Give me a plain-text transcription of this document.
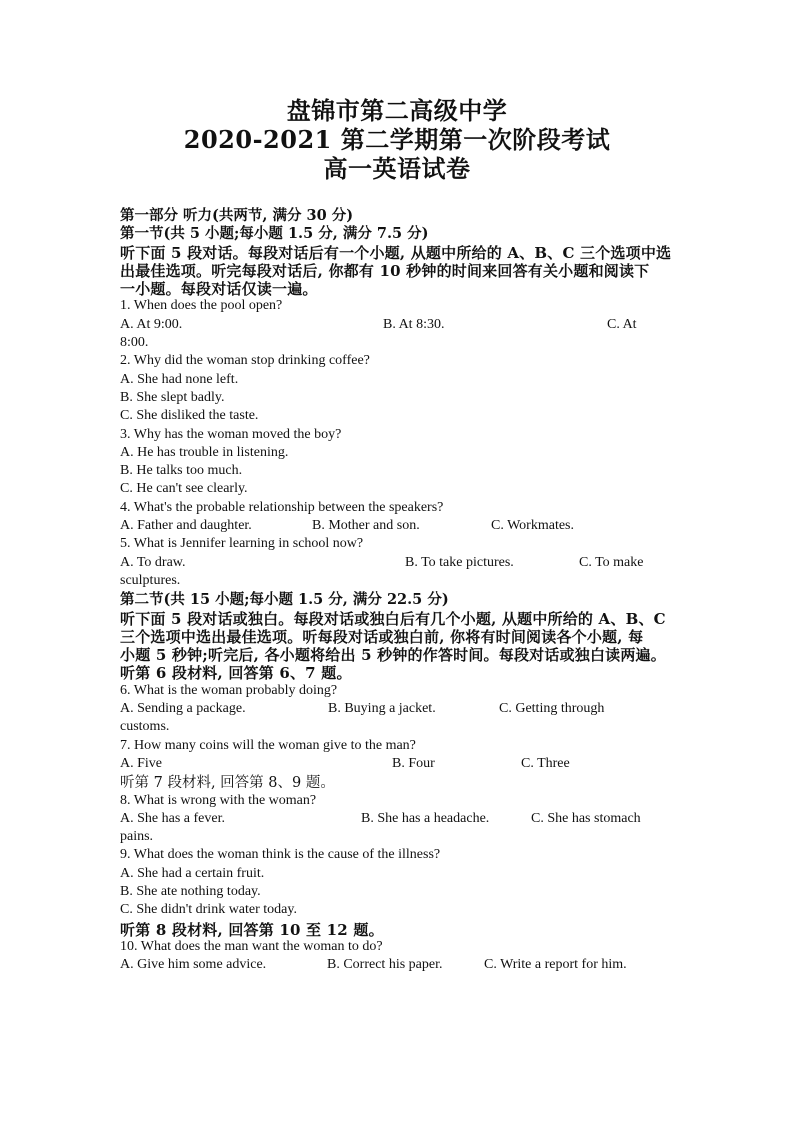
盘锦市第二高级中学
2020-2021 第二学期第一次阶段考试
高一英语试卷
第一部分 听力(共两节, 满分 30 分)
第一节(共 5 小题;每小题 1.5 分, 满分 7.5 分)
听下面 5 段对话。每段对话后有一个小题, 从题中所给的 A、B、C 三个选项中选
出最佳选项。听完每段对话后, 你都有 10 秒钟的时间来回答有关小题和阅读下
一小题。每段对话仅读一遍。
1. When does the pool open?
A. At 9:00.	B. At 8:30.	C. At
8:00.
2. Why did the woman stop drinking coffee?
A. She had none left.
B. She slept badly.
C. She disliked the taste.
3. Why has the woman moved the boy?
A. He has trouble in listening.
B. He talks too much.
C. He can't see clearly.
4. What's the probable relationship between the speakers?
A. Father and daughter.	B. Mother and son.	C. Workmates.
5. What is Jennifer learning in school now?
A. To draw.	B. To take pictures.	C. To make
sculptures.
第二节(共 15 小题;每小题 1.5 分, 满分 22.5 分)
听下面 5 段对话或独白。每段对话或独白后有几个小题, 从题中所给的 A、B、C
三个选项中选出最佳选项。听每段对话或独白前, 你将有时间阅读各个小题, 每
小题 5 秒钟;听完后, 各小题将给出 5 秒钟的作答时间。每段对话或独白读两遍。
听第 6 段材料, 回答第 6、7 题。
6. What is the woman probably doing?
A. Sending a package.	B. Buying a jacket.	C. Getting through
customs.
7. How many coins will the woman give to the man?
A. Five	B. Four	C. Three
听第 7 段材料, 回答第 8、9 题。
8. What is wrong with the woman?
A. She has a fever.	B. She has a headache.	C. She has stomach
pains.
9. What does the woman think is the cause of the illness?
A. She had a certain fruit.
B. She ate nothing today.
C. She didn't drink water today.
听第 8 段材料, 回答第 10 至 12 题。
10. What does the man want the woman to do?
A. Give him some advice.	B. Correct his paper.	C. Write a report for him.
